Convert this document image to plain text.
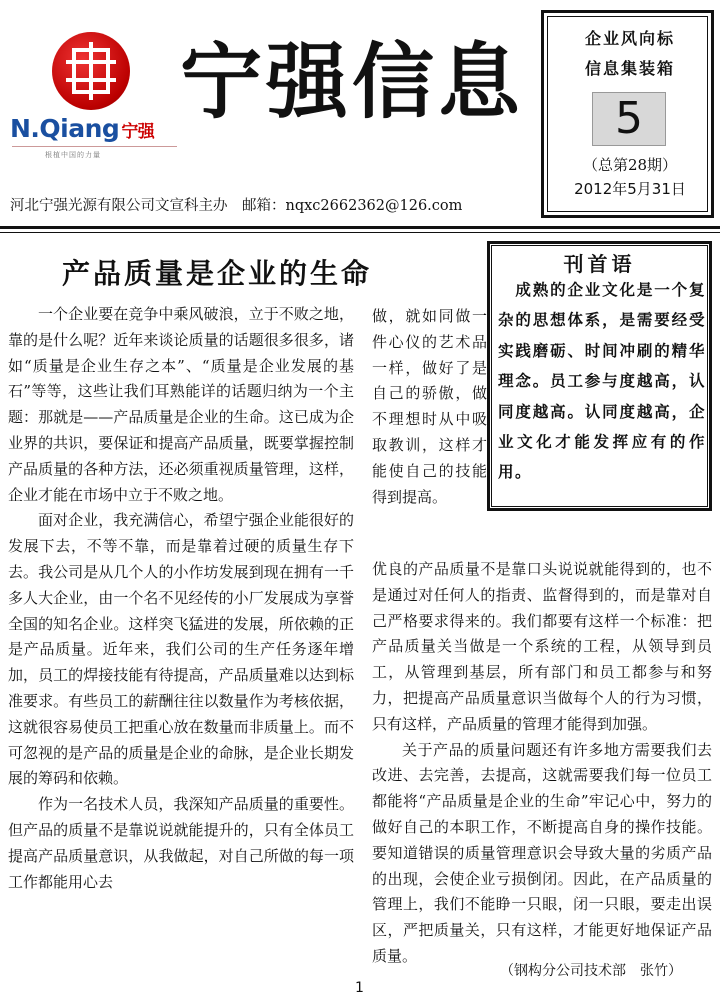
N.Qiang 宁强
根植中国的力量
宁强信息
河北宁强光源有限公司文宣科主办　邮箱：nqxc2662362@126.com
企业风向标
信息集装箱
5
（总第28期）
2012年5月31日
产品质量是企业的生命	刊首语
　成熟的企业文化是一个复杂的思想体系，是需要经受实践磨砺、时间冲刷的精华理念。员工参与度越高，认同度越高。认同度越高，企业文化才能发挥应有的作用。

一个企业要在竞争中乘风破浪，立于不败之地，靠的是什么呢？近年来谈论质量的话题很多很多，诸如“质量是企业生存之本”、“质量是企业发展的基石”等等，这些让我们耳熟能详的话题归纳为一个主题：那就是——产品质量是企业的生命。这已成为企业界的共识，要保证和提高产品质量，既要掌握控制产品质量的各种方法，还必须重视质量管理，这样，企业才能在市场中立于不败之地。

面对企业，我充满信心，希望宁强企业能很好的发展下去，不等不靠，而是靠着过硬的质量生存下去。我公司是从几个人的小作坊发展到现在拥有一千多人大企业，由一个名不见经传的小厂发展成为享誉全国的知名企业。这样突飞猛进的发展，所依赖的正是产品质量。近年来，我们公司的生产任务逐年增加，员工的焊接技能有待提高，产品质量难以达到标准要求。有些员工的薪酬往往以数量作为考核依据，这就很容易使员工把重心放在数量而非质量上。而不可忽视的是产品的质量是企业的命脉，是企业长期发展的筹码和依赖。

作为一名技术人员，我深知产品质量的重要性。但产品的质量不是靠说说就能提升的，只有全体员工提高产品质量意识，从我做起，对自己所做的每一项工作都能用心去

做，就如同做一件心仪的艺术品一样，做好了是自己的骄傲，做不理想时从中吸取教训，这样才能使自己的技能得到提高。

优良的产品质量不是靠口头说说就能得到的，也不是通过对任何人的指责、监督得到的，而是靠对自己严格要求得来的。我们都要有这样一个标准：把产品质量关当做是一个系统的工程，从领导到员工，从管理到基层，所有部门和员工都参与和努力，把提高产品质量意识当做每个人的行为习惯，只有这样，产品质量的管理才能得到加强。

关于产品的质量问题还有许多地方需要我们去改进、去完善，去提高，这就需要我们每一位员工都能将“产品质量是企业的生命”牢记心中，努力的做好自己的本职工作，不断提高自身的操作技能。要知道错误的质量管理意识会导致大量的劣质产品的出现，会使企业亏损倒闭。因此，在产品质量的管理上，我们不能睁一只眼，闭一只眼，要走出误区，严把质量关，只有这样，才能更好地保证产品质量。

（钢构分公司技术部　张竹）
1
